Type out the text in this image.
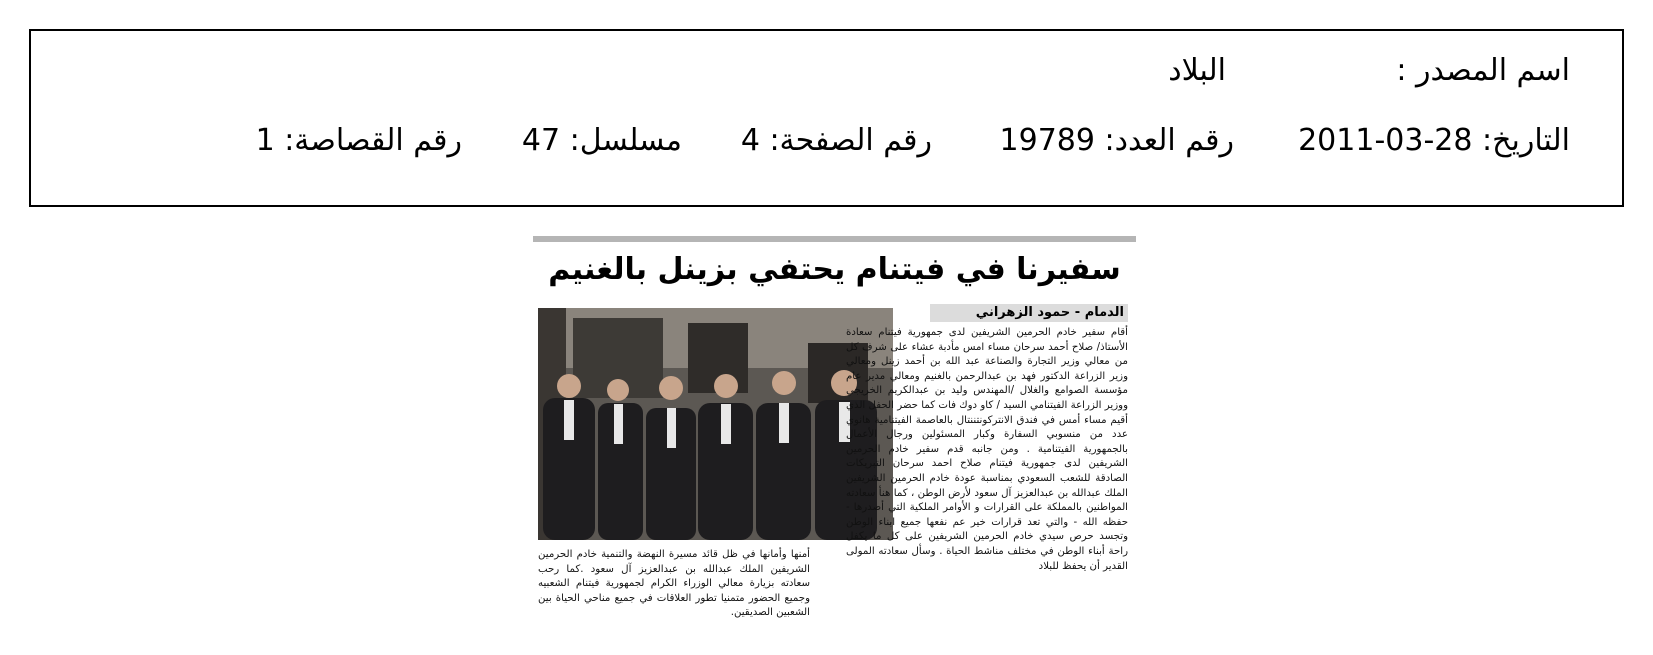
اسم المصدر :
البلاد
التاريخ: 28-03-2011
رقم العدد: 19789
رقم الصفحة: 4
مسلسل: 47
رقم القصاصة: 1
سفيرنا في فيتنام يحتفي بزينل بالغنيم
الدمام - حمود الزهراني
أقام سفير خادم الحرمين الشريفين لدى جمهورية فيتنام سعادة الأستاذ/ صلاح أحمد سرحان مساء امس مأدبة عشاء على شرف كل من معالي وزير التجارة والصناعة عبد الله بن أحمد زينل ومعالي وزير الزراعة الدكتور فهد بن عبدالرحمن بالغنيم ومعالي مدير عام مؤسسة الصوامع والغلال /المهندس وليد بن عبدالكريم الخريجي ووزير الزراعة الفيتنامي السيد / كاو دوك فات كما حضر الحفل الذي أقيم مساء أمس في فندق الانتركونتننتال بالعاصمة الفيتنامية هانوي عدد من منسوبي السفارة وكبار المسئولين ورجال الأعمال بالجمهورية الفيتنامية . ومن جانبه قدم سفير خادم الحرمين الشريفين لدى جمهورية فيتنام صلاح احمد سرحان التبريكات الصادقة للشعب السعودي بمناسبة عودة خادم الحرمين الشريفين الملك عبدالله بن عبدالعزيز آل سعود لأرض الوطن ، كما هنأ سعادته المواطنين بالمملكة على القرارات و الأوامر الملكية التي أصدرها - حفظه الله - والتي تعد قرارات خير عم نفعها جميع ابناء الوطن وتجسد حرص سيدي خادم الحرمين الشريفين على كل ما يكفل راحة أبناء الوطن في مختلف مناشط الحياة . وسأل سعادته المولى القدير أن يحفظ للبلاد
أمنها وأمانها في ظل قائد مسيرة النهضة والتنمية خادم الحرمين الشريفين الملك عبدالله بن عبدالعزيز آل سعود .كما رحب سعادته بزيارة معالي الوزراء الكرام لجمهورية فيتنام الشعبيه وجميع الحضور متمنيا تطور العلاقات في جميع مناحي الحياة بين الشعبين الصديقين.
